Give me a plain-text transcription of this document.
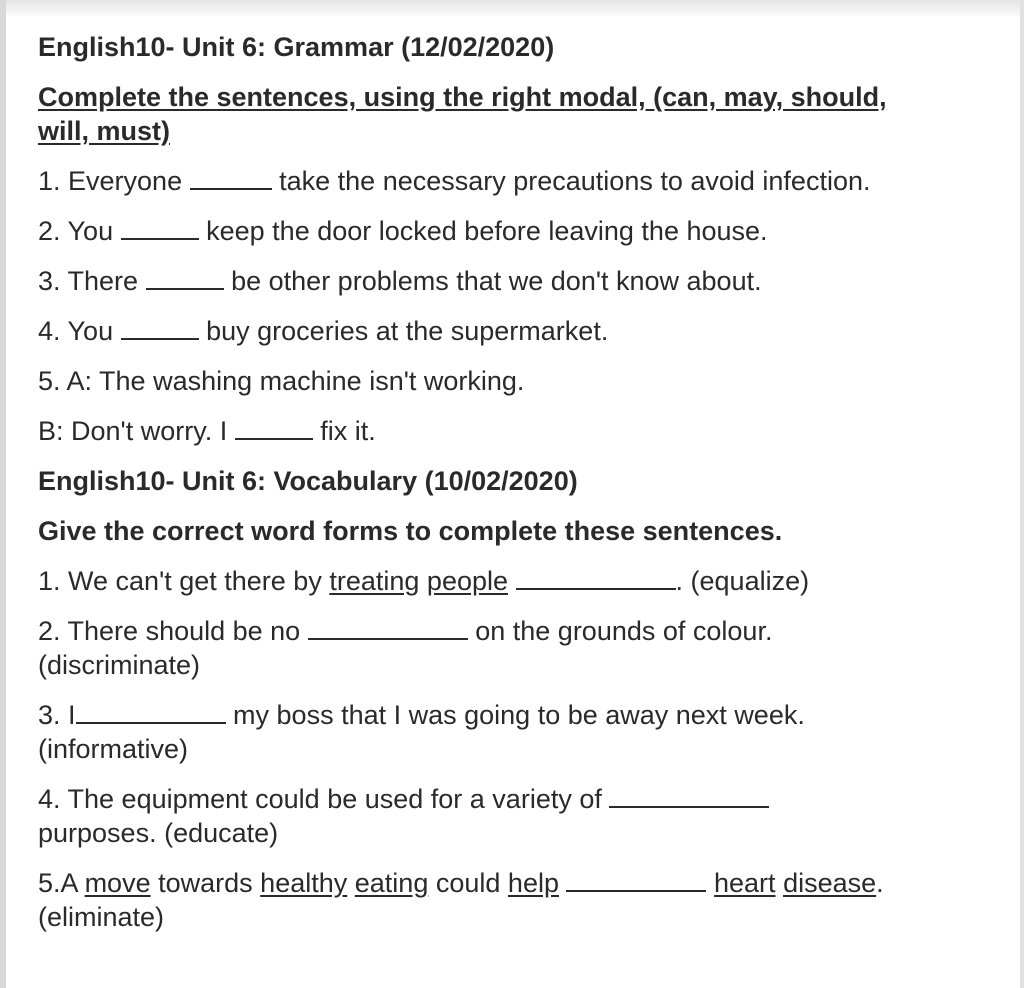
English10- Unit 6: Grammar (12/02/2020)

Complete the sentences, using the right modal, (can, may, should,

will, must)

1. Everyone	take the necessary precautions to avoid infection.

2. You	keep the door locked before leaving the house.

3. There	be other problems that we don't know about.

4. You	buy groceries at the supermarket.

5. A: The washing machine isn't working.

B: Don't worry. I	fix it.

English10- Unit 6: Vocabulary (10/02/2020)

Give the correct word forms to complete these sentences.

1. We can't get there by treating people	. (equalize)

2. There should be no	on the grounds of colour.

(discriminate)

3. I	my boss that I was going to be away next week.

(informative)

4. The equipment could be used for a variety of

purposes. (educate)

5.A move towards healthy eating could help	heart disease.

(eliminate)
